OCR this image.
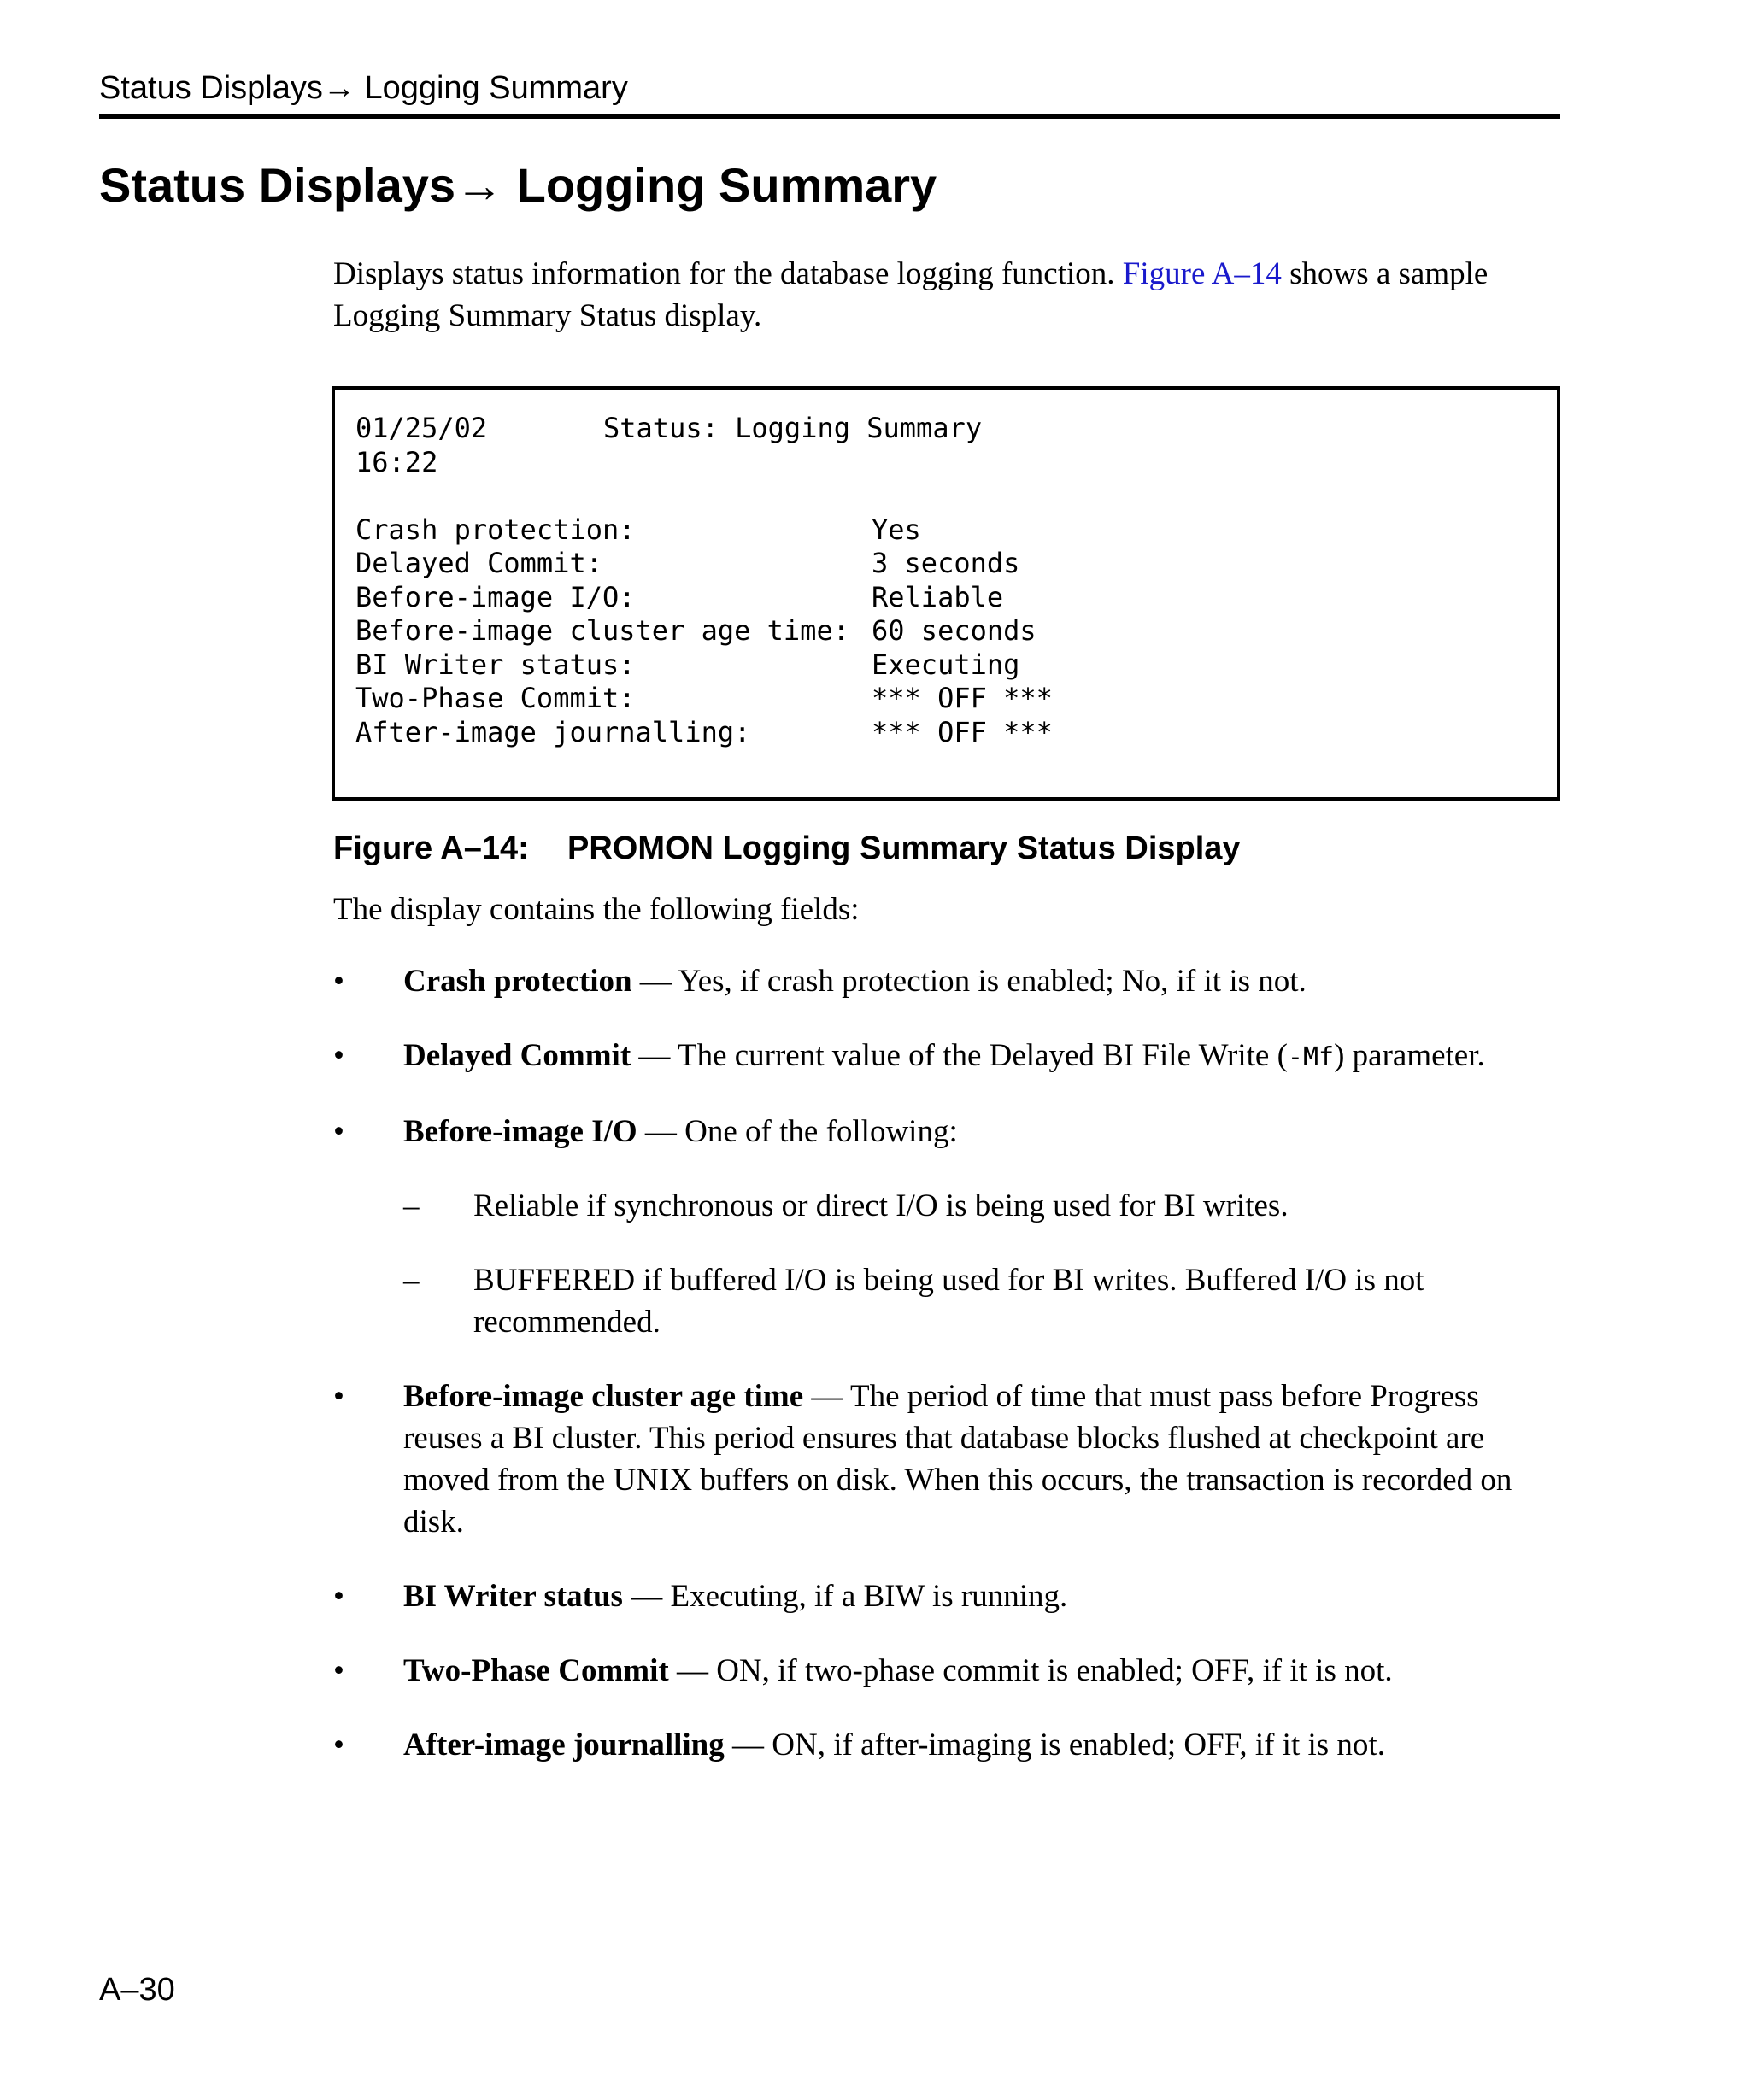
Status Displays→ Logging Summary
Status Displays→ Logging Summary

Displays status information for the database logging function. Figure A–14 shows a sample Logging Summary Status display.

01/25/02	Status: Logging Summary
16:22
Crash protection:	Yes
Delayed Commit:	3 seconds
Before-image I/O:	Reliable
Before-image cluster age time: 60 seconds
BI Writer status:	Executing
Two-Phase Commit:	*** OFF ***
After-image journalling:	*** OFF ***

Figure A–14: PROMON Logging Summary Status Display

The display contains the following fields:

•	Crash protection — Yes, if crash protection is enabled; No, if it is not.
•	Delayed Commit — The current value of the Delayed BI File Write (-Mf) parameter.
•	Before-image I/O — One of the following:
– Reliable if synchronous or direct I/O is being used for BI writes.
– BUFFERED if buffered I/O is being used for BI writes. Buffered I/O is not recommended.
•	Before-image cluster age time — The period of time that must pass before Progress reuses a BI cluster. This period ensures that database blocks flushed at checkpoint are moved from the UNIX buffers on disk. When this occurs, the transaction is recorded on disk.
•	BI Writer status — Executing, if a BIW is running.
•	Two-Phase Commit — ON, if two-phase commit is enabled; OFF, if it is not.
•	After-image journalling — ON, if after-imaging is enabled; OFF, if it is not.
A–30
